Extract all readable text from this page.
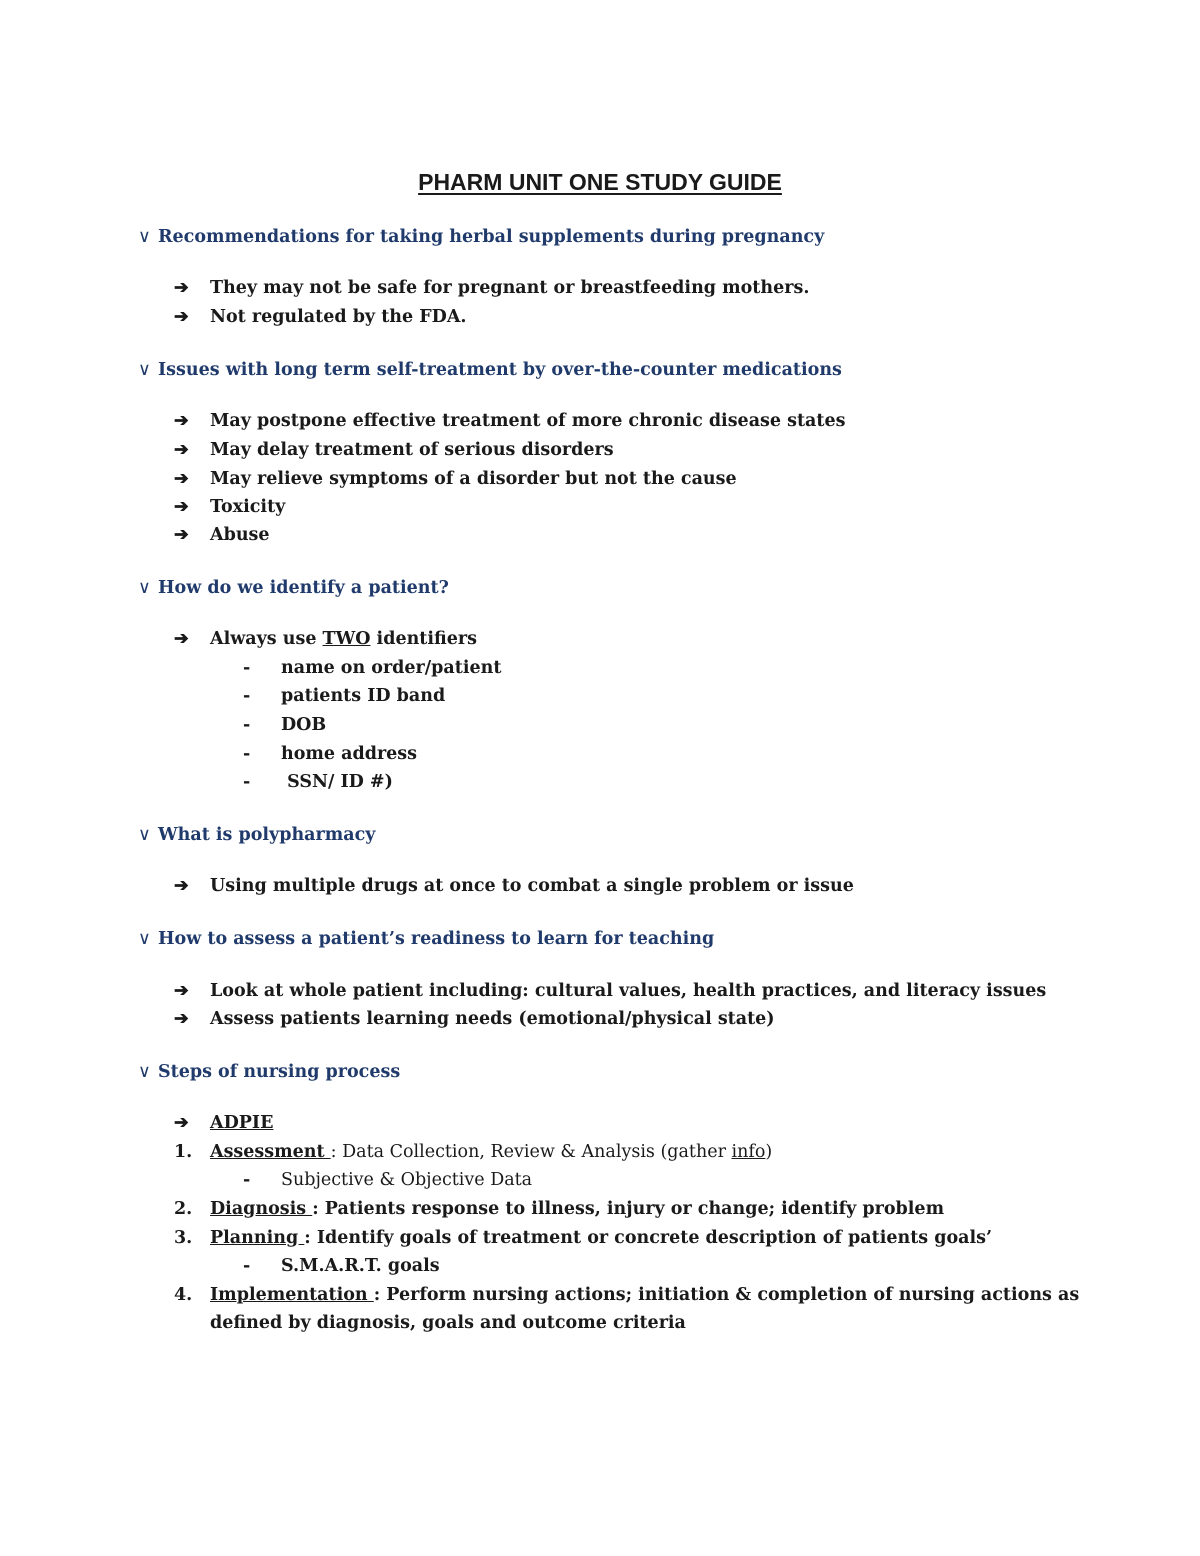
PHARM UNIT ONE STUDY GUIDE
∨ Recommendations for taking herbal supplements during pregnancy
➔ They may not be safe for pregnant or breastfeeding mothers.
➔ Not regulated by the FDA.
∨ Issues with long term self-treatment by over-the-counter medications
➔ May postpone effective treatment of more chronic disease states
➔ May delay treatment of serious disorders
➔ May relieve symptoms of a disorder but not the cause
➔ Toxicity
➔ Abuse
∨ How do we identify a patient?
➔ Always use TWO identifiers
- name on order/patient
- patients ID band
- DOB
- home address
- SSN/ ID #)
∨ What is polypharmacy
➔ Using multiple drugs at once to combat a single problem or issue
∨ How to assess a patient’s readiness to learn for teaching
➔ Look at whole patient including: cultural values, health practices, and literacy issues
➔ Assess patients learning needs (emotional/physical state)
∨ Steps of nursing process
➔ ADPIE
1. Assessment : Data Collection, Review & Analysis (gather info)
- Subjective & Objective Data
2. Diagnosis : Patients response to illness, injury or change; identify problem
3. Planning : Identify goals of treatment or concrete description of patients goals’
- S.M.A.R.T. goals
4. Implementation : Perform nursing actions; initiation & completion of nursing actions as
defined by diagnosis, goals and outcome criteria
